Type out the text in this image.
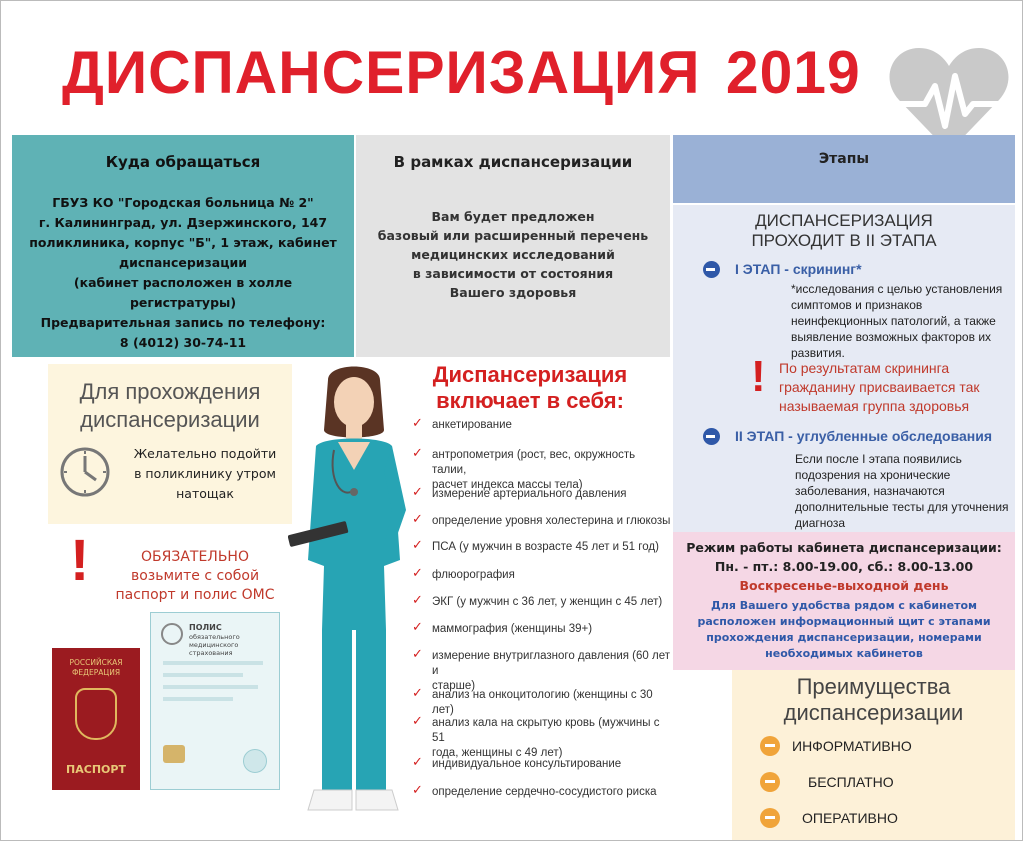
ДИСПАНСЕРИЗАЦИЯ 2019
Куда обращаться
ГБУЗ КО "Городская больница № 2"
г. Калининград, ул. Дзержинского, 147
поликлиника, корпус "Б", 1 этаж, кабинет
диспансеризации
(кабинет расположен в холле
регистратуры)
Предварительная запись по телефону:
8 (4012) 30-74-11
В рамках диспансеризации
Вам будет предложен
базовый или расширенный перечень
медицинских исследований
в зависимости от состояния
Вашего здоровья
Этапы
ДИСПАНСЕРИЗАЦИЯ
ПРОХОДИТ В II ЭТАПА
I ЭТАП - скрининг*
*исследования с целью установления
симптомов и признаков
неинфекционных патологий, а также
выявление возможных факторов их
развития.
! По результатам скрининга
гражданину присваивается так
называемая группа здоровья
II ЭТАП - углубленные обследования
Если после I этапа появились
подозрения на хронические
заболевания, назначаются
дополнительные тесты для уточнения
диагноза
Режим работы кабинета диспансеризации:
Пн. - пт.: 8.00-19.00, сб.: 8.00-13.00
Воскресенье-выходной день
Для Вашего удобства рядом с кабинетом
расположен информационный щит с этапами
прохождения диспансеризации, номерами
необходимых кабинетов
Преимущества
диспансеризации
ИНФОРМАТИВНО
БЕСПЛАТНО
ОПЕРАТИВНО
Для прохождения
диспансеризации
Желательно подойти
в поликлинику утром
натощак
!	ОБЯЗАТЕЛЬНО
возьмите с собой
паспорт и полис ОМС
РОССИЙСКАЯ
ФЕДЕРАЦИЯ
ПАСПОРТ
ПОЛИС
обязательного
медицинского страхования
Диспансеризация
включает в себя:
✓ анкетирование
✓ антропометрия (рост, вес, окружность талии,
расчет индекса массы тела)
✓ измерение артериального давления
✓ определение уровня холестерина и глюкозы
✓ ПСА (у мужчин в возрасте 45 лет и 51 год)
✓ флюорография
✓ ЭКГ (у мужчин с 36 лет, у женщин с 45 лет)
✓ маммография (женщины 39+)
✓ измерение внутриглазного давления (60 лет и
старше)
✓ анализ на онкоцитологию (женщины с 30 лет)
✓ анализ кала на скрытую кровь (мужчины с 51
года, женщины с 49 лет)
✓ индивидуальное консультирование
✓ определение сердечно-сосудистого риска
